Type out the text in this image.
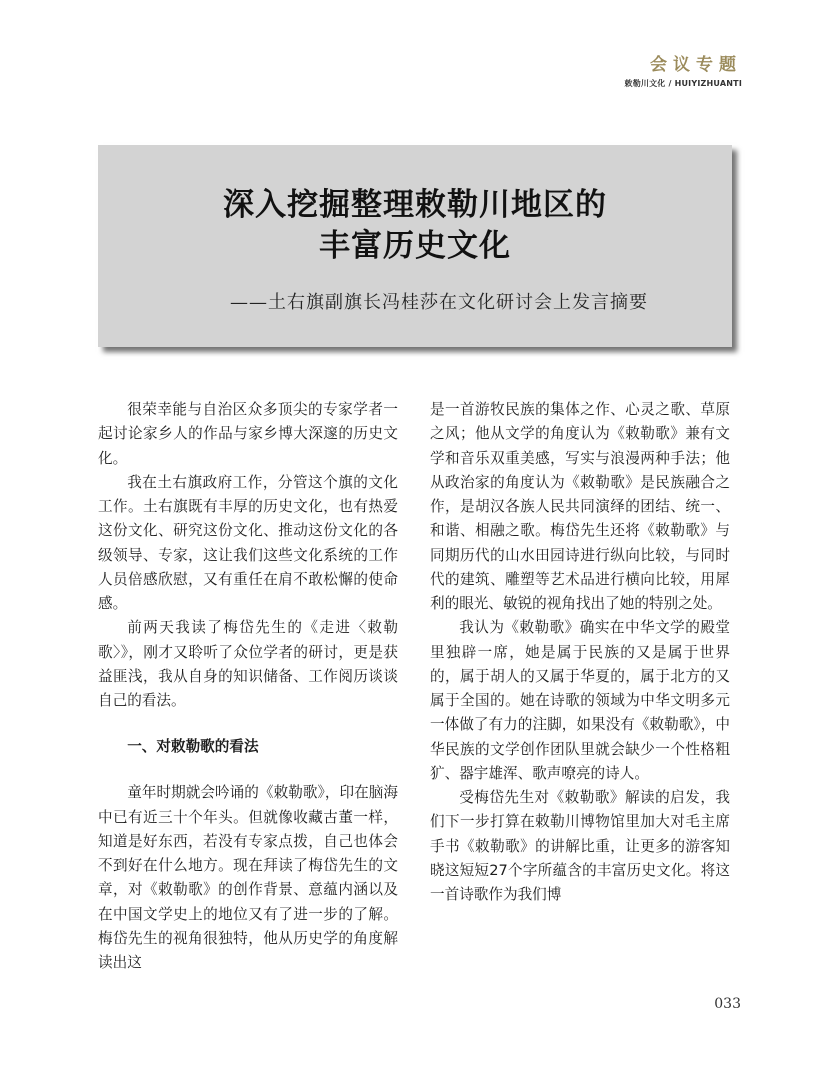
会议专题
敕勒川文化 / HUIYIZHUANTI
深入挖掘整理敕勒川地区的
丰富历史文化
——土右旗副旗长冯桂莎在文化研讨会上发言摘要

很荣幸能与自治区众多顶尖的专家学者一起讨论家乡人的作品与家乡博大深邃的历史文化。

我在土右旗政府工作，分管这个旗的文化工作。土右旗既有丰厚的历史文化，也有热爱这份文化、研究这份文化、推动这份文化的各级领导、专家，这让我们这些文化系统的工作人员倍感欣慰，又有重任在肩不敢松懈的使命感。

前两天我读了梅岱先生的《走进〈敕勒歌〉》，刚才又聆听了众位学者的研讨，更是获益匪浅，我从自身的知识储备、工作阅历谈谈自己的看法。

一、对敕勒歌的看法

童年时期就会吟诵的《敕勒歌》，印在脑海中已有近三十个年头。但就像收藏古董一样，知道是好东西，若没有专家点拨，自己也体会不到好在什么地方。现在拜读了梅岱先生的文章，对《敕勒歌》的创作背景、意蕴内涵以及在中国文学史上的地位又有了进一步的了解。梅岱先生的视角很独特，他从历史学的角度解读出这

是一首游牧民族的集体之作、心灵之歌、草原之风；他从文学的角度认为《敕勒歌》兼有文学和音乐双重美感，写实与浪漫两种手法；他从政治家的角度认为《敕勒歌》是民族融合之作，是胡汉各族人民共同演绎的团结、统一、和谐、相融之歌。梅岱先生还将《敕勒歌》与同期历代的山水田园诗进行纵向比较，与同时代的建筑、雕塑等艺术品进行横向比较，用犀利的眼光、敏锐的视角找出了她的特别之处。

我认为《敕勒歌》确实在中华文学的殿堂里独辟一席，她是属于民族的又是属于世界的，属于胡人的又属于华夏的，属于北方的又属于全国的。她在诗歌的领域为中华文明多元一体做了有力的注脚，如果没有《敕勒歌》，中华民族的文学创作团队里就会缺少一个性格粗犷、器宇雄浑、歌声嘹亮的诗人。

受梅岱先生对《敕勒歌》解读的启发，我们下一步打算在敕勒川博物馆里加大对毛主席手书《敕勒歌》的讲解比重，让更多的游客知晓这短短27个字所蕴含的丰富历史文化。将这一首诗歌作为我们博

033
